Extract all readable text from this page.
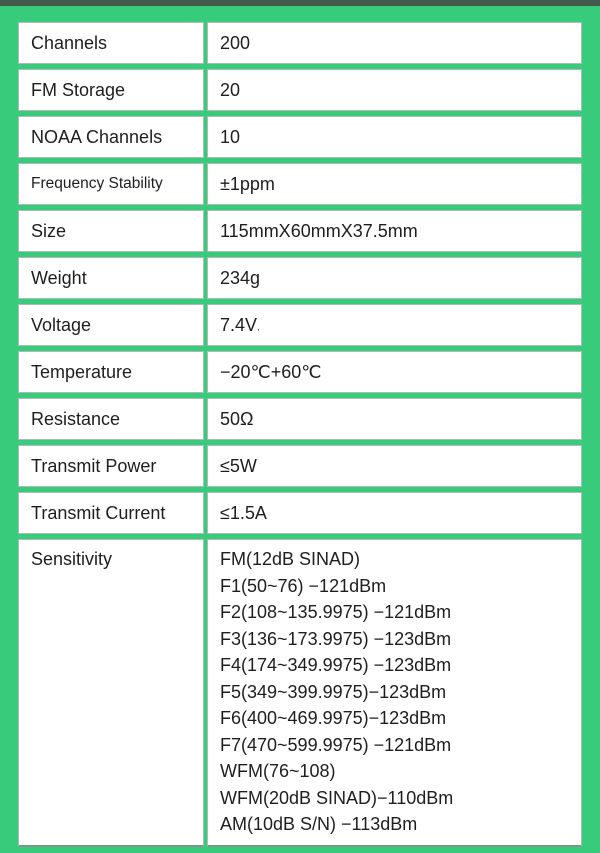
Channels	200
FM Storage	20
NOAA Channels	10
Frequency Stability	±1ppm
Size	115mmX60mmX37.5mm
Weight	234g
Voltage	7.4V ,
Temperature	−20℃+60℃
Resistance	50Ω
Transmit Power	≤5W
Transmit Current	≤1.5A
Sensitivity	FM(12dB SINAD)
F1(50~76) −121dBm
F2(108~135.9975) −121dBm
F3(136~173.9975) −123dBm
F4(174~349.9975) −123dBm
F5(349~399.9975)−123dBm
F6(400~469.9975)−123dBm
F7(470~599.9975) −121dBm
WFM(76~108)
WFM(20dB SINAD)−110dBm
AM(10dB S/N) −113dBm
